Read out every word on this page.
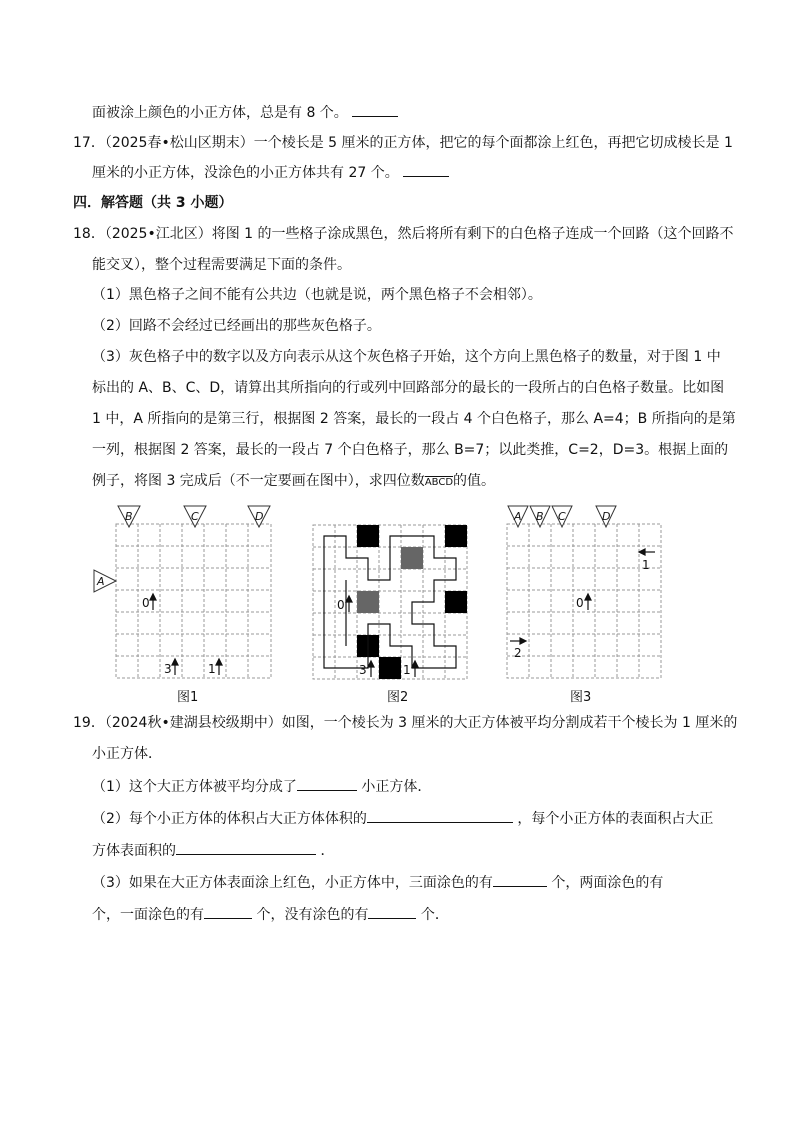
面被涂上颜色的小正方体，总是有 8 个。
17．（2025春•松山区期末）一个棱长是 5 厘米的正方体，把它的每个面都涂上红色，再把它切成棱长是 1
厘米的小正方体，没涂色的小正方体共有 27 个。
四．解答题（共 3 小题）
18．（2025•江北区）将图 1 的一些格子涂成黑色，然后将所有剩下的白色格子连成一个回路（这个回路不
能交叉），整个过程需要满足下面的条件。
（1）黑色格子之间不能有公共边（也就是说，两个黑色格子不会相邻）。
（2）回路不会经过已经画出的那些灰色格子。
（3）灰色格子中的数字以及方向表示从这个灰色格子开始，这个方向上黑色格子的数量，对于图 1 中
标出的 A、B、C、D，请算出其所指向的行或列中回路部分的最长的一段所占的白色格子数量。比如图
1 中，A 所指向的是第三行，根据图 2 答案，最长的一段占 4 个白色格子，那么 A=4；B 所指向的是第
一列，根据图 2 答案，最长的一段占 7 个白色格子，那么 B=7；以此类推，C=2，D=3。根据上面的
例子，将图 3 完成后（不一定要画在图中），求四位数ABCD的值。
B	C	D
A
0
3	1
图1
0
3	1
图2
A B C	D
1
0
2
图3
19．（2024秋•建湖县校级期中）如图，一个棱长为 3 厘米的大正方体被平均分割成若干个棱长为 1 厘米的
小正方体．
（1）这个大正方体被平均分成了	小正方体．
（2）每个小正方体的体积占大正方体体积的	，每个小正方体的表面积占大正
方体表面积的	．
（3）如果在大正方体表面涂上红色，小正方体中，三面涂色的有	个，两面涂色的有
个，一面涂色的有	个，没有涂色的有	个．
